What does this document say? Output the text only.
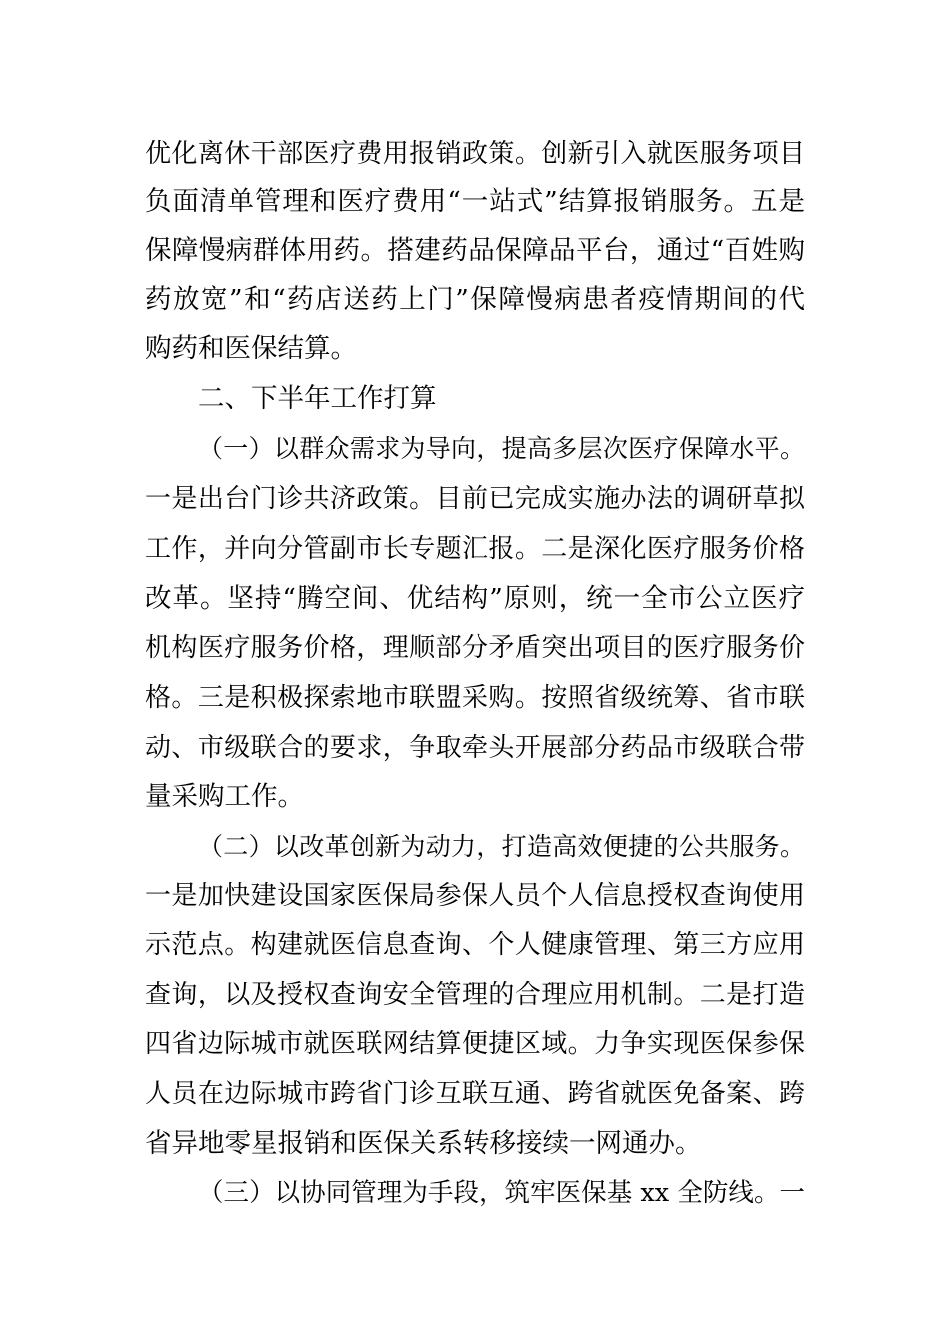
优化离休干部医疗费用报销政策。创新引入就医服务项目
负面清单管理和医疗费用“一站式”结算报销服务。五是
保障慢病群体用药。搭建药品保障品平台，通过“百姓购
药放宽”和“药店送药上门”保障慢病患者疫情期间的代
购药和医保结算。
二、下半年工作打算
（一）以群众需求为导向，提高多层次医疗保障水平。
一是出台门诊共济政策。目前已完成实施办法的调研草拟
工作，并向分管副市长专题汇报。二是深化医疗服务价格
改革。坚持“腾空间、优结构”原则，统一全市公立医疗
机构医疗服务价格，理顺部分矛盾突出项目的医疗服务价
格。三是积极探索地市联盟采购。按照省级统筹、省市联
动、市级联合的要求，争取牵头开展部分药品市级联合带
量采购工作。
（二）以改革创新为动力，打造高效便捷的公共服务。
一是加快建设国家医保局参保人员个人信息授权查询使用
示范点。构建就医信息查询、个人健康管理、第三方应用
查询，以及授权查询安全管理的合理应用机制。二是打造
四省边际城市就医联网结算便捷区域。力争实现医保参保
人员在边际城市跨省门诊互联互通、跨省就医免备案、跨
省异地零星报销和医保关系转移接续一网通办。
（三）以协同管理为手段，筑牢医保基 xx 全防线。一
